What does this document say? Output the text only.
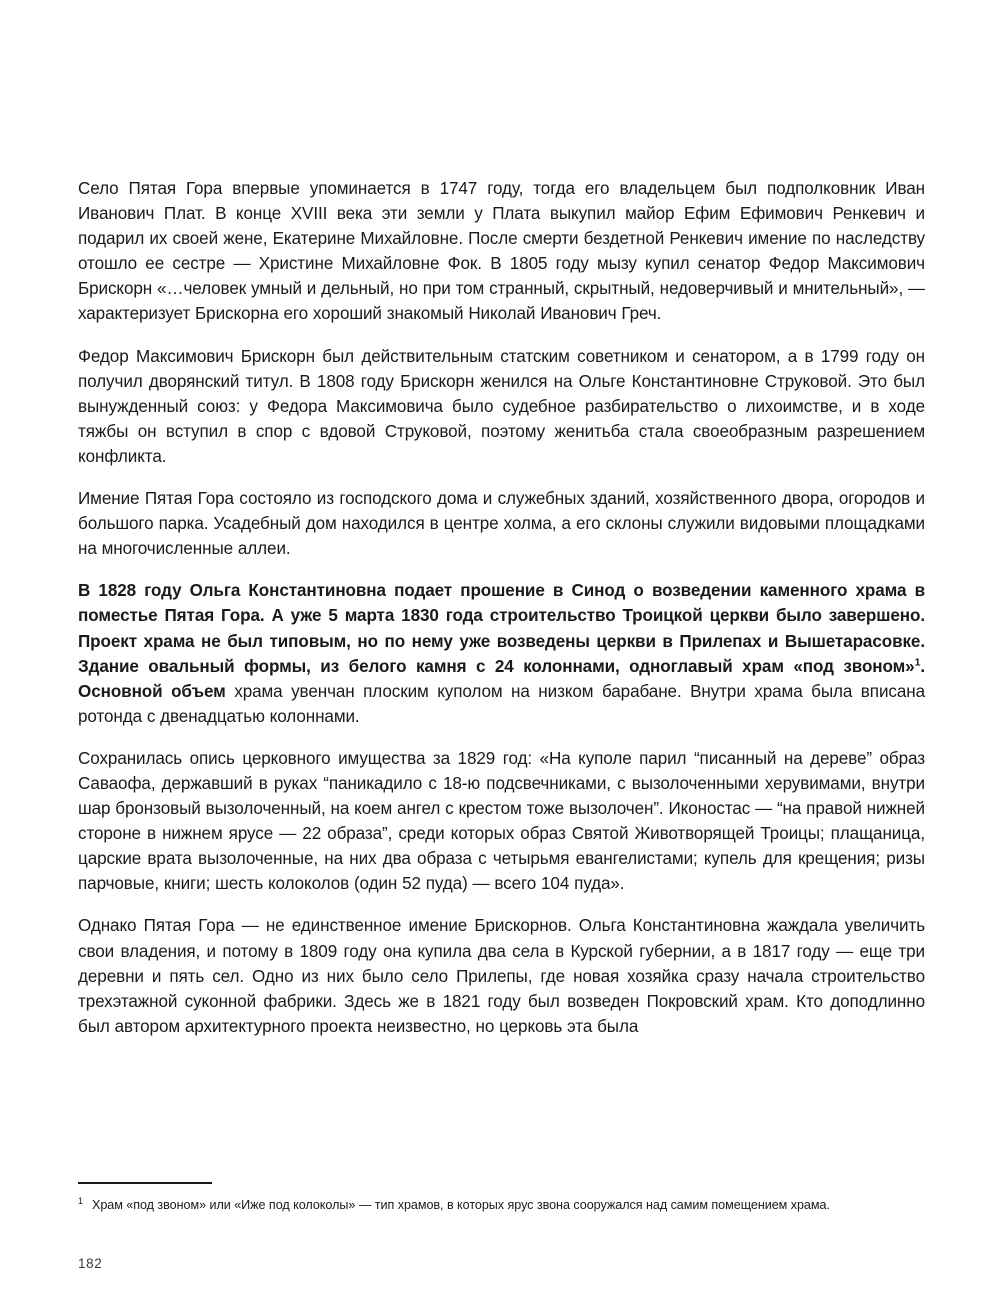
Село Пятая Гора впервые упоминается в 1747 году, тогда его владельцем был подполковник Иван Иванович Плат. В конце XVIII века эти земли у Плата выкупил майор Ефим Ефимович Ренкевич и подарил их своей жене, Екатерине Михайловне. После смерти бездетной Ренкевич имение по наследству отошло ее сестре — Христине Михайловне Фок. В 1805 году мызу купил сенатор Федор Максимович Брискорн «…человек умный и дельный, но при том странный, скрытный, недоверчивый и мнительный», — характеризует Брискорна его хороший знакомый Николай Иванович Греч.

Федор Максимович Брискорн был действительным статским советником и сенатором, а в 1799 году он получил дворянский титул. В 1808 году Брискорн женился на Ольге Константиновне Струковой. Это был вынужденный союз: у Федора Максимовича было судебное разбирательство о лихоимстве, и в ходе тяжбы он вступил в спор с вдовой Струковой, поэтому женитьба стала своеобразным разрешением конфликта.

Имение Пятая Гора состояло из господского дома и служебных зданий, хозяйственного двора, огородов и большого парка. Усадебный дом находился в центре холма, а его склоны служили видовыми площадками на многочисленные аллеи.

В 1828 году Ольга Константиновна подает прошение в Синод о возведении каменного храма в поместье Пятая Гора. А уже 5 марта 1830 года строительство Троицкой церкви было завершено. Проект храма не был типовым, но по нему уже возведены церкви в Прилепах и Вышетарасовке. Здание овальный формы, из белого камня с 24 колоннами, одноглавый храм «под звоном»$^1$. Основной объем храма увенчан плоским куполом на низком барабане. Внутри храма была вписана ротонда с двенадцатью колоннами.

Сохранилась опись церковного имущества за 1829 год: «На куполе парил “писанный на дереве” образ Саваофа, державший в руках “паникадило с 18-ю подсвечниками, с вызолоченными херувимами, внутри шар бронзовый вызолоченный, на коем ангел с крестом тоже вызолочен”. Иконостас — “на правой нижней стороне в нижнем ярусе — 22 образа”, среди которых образ Святой Животворящей Троицы; плащаница, царские врата вызолоченные, на них два образа с четырьмя евангелистами; купель для крещения; ризы парчовые, книги; шесть колоколов (один 52 пуда) — всего 104 пуда».

Однако Пятая Гора — не единственное имение Брискорнов. Ольга Константиновна жаждала увеличить свои владения, и потому в 1809 году она купила два села в Курской губернии, а в 1817 году — еще три деревни и пять сел. Одно из них было село Прилепы, где новая хозяйка сразу начала строительство трехэтажной суконной фабрики. Здесь же в 1821 году был возведен Покровский храм. Кто доподлинно был автором архитектурного проекта неизвестно, но церковь эта была

$^1$ Храм «под звоном» или «Иже под колоколы» — тип храмов, в которых ярус звона сооружался над самим помещением храма.

182
